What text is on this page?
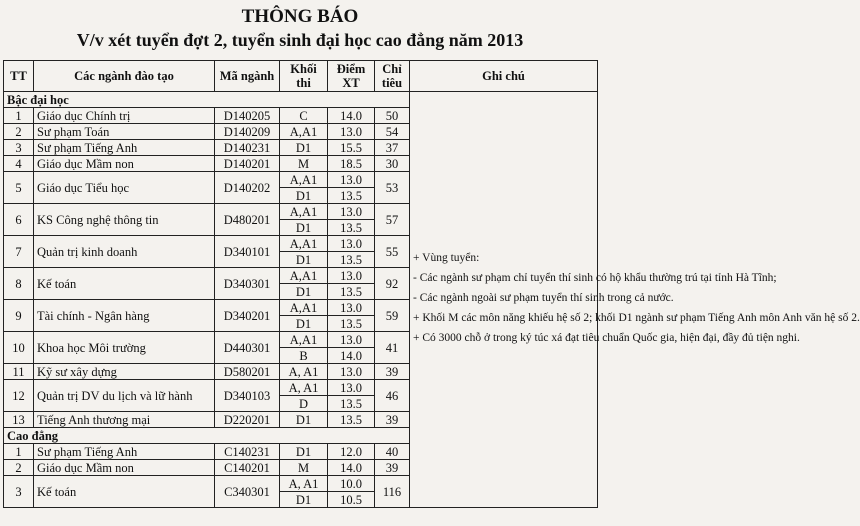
THÔNG BÁO
V/v xét tuyển đợt 2, tuyển sinh đại học cao đẳng năm 2013
TT	Các ngành đào tạo	Mã ngành	Khối thi	Điểm XT	Chỉ tiêu	Ghi chú
Bậc đại học						+ Vùng tuyển:

- Các ngành sư phạm chỉ tuyển thí sinh có hộ khẩu thường trú tại tỉnh Hà Tĩnh;

- Các ngành ngoài sư phạm tuyển thí sinh trong cả nước.

+ Khối M các môn năng khiếu hệ số 2; khối D1 ngành sư phạm Tiếng Anh môn Anh văn hệ số 2.

+ Có 3000 chỗ ở trong ký túc xá đạt tiêu chuẩn Quốc gia, hiện đại, đầy đủ tiện nghi.

1	Giáo dục Chính trị	D140205	C	14.0	50	
2	Sư phạm Toán	D140209	A,A1	13.0	54	
3	Sư phạm Tiếng Anh	D140231	D1	15.5	37	
4	Giáo dục Mầm non	D140201	M	18.5	30	
5	Giáo dục Tiểu học	D140202	A,A1	13.0	53	
			D1	13.5		
6	KS Công nghệ thông tin	D480201	A,A1	13.0	57	
			D1	13.5		
7	Quản trị kinh doanh	D340101	A,A1	13.0	55	
			D1	13.5		
8	Kế toán	D340301	A,A1	13.0	92	
			D1	13.5		
9	Tài chính - Ngân hàng	D340201	A,A1	13.0	59	
			D1	13.5		
10	Khoa học Môi trường	D440301	A,A1	13.0	41	
			B	14.0		
11	Kỹ sư xây dựng	D580201	A, A1	13.0	39	
12	Quản trị DV du lịch và lữ hành	D340103	A, A1	13.0	46	
			D	13.5		
13	Tiếng Anh thương mại	D220201	D1	13.5	39	
Cao đẳng						
1	Sư phạm Tiếng Anh	C140231	D1	12.0	40	
2	Giáo dục Mầm non	C140201	M	14.0	39	
3	Kế toán	C340301	A, A1	10.0	116	
			D1	10.5		
